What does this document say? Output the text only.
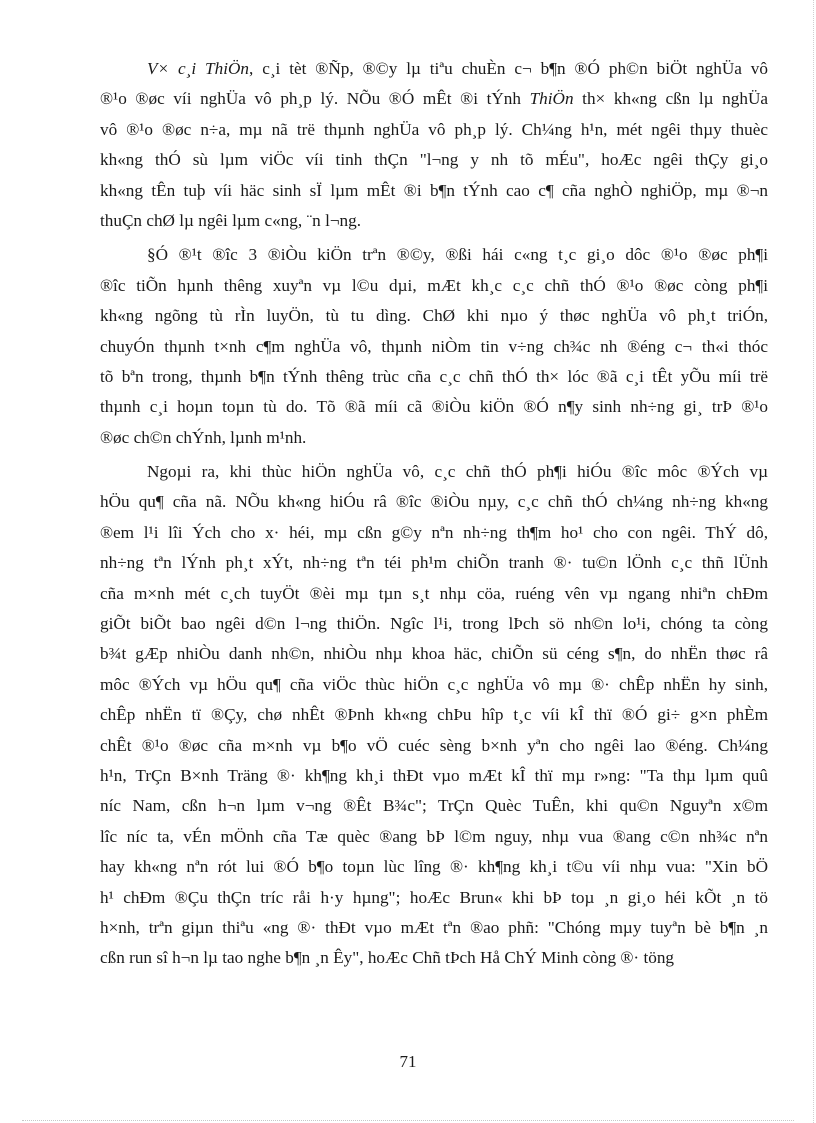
V× c¸i ThiÖn, c¸i tèt ®Ñp, ®©y lµ tiªu chuÈn c¬ b¶n ®Ó ph©n biÖt nghÜa vô
®¹o ®øc víi nghÜa vô ph¸p lý. NÕu ®Ó mÊt ®i tÝnh ThiÖn th× kh«ng cßn lµ nghÜa
vô ®¹o ®øc n÷a, mµ nã trë thµnh nghÜa vô ph¸p lý. Ch¼ng h¹n, mét ngêi thµy thuèc
kh«ng thÓ sù lµm viÖc víi tinh thÇn "l¬ng y nh tõ mÉu", hoÆc ngêi thÇy gi¸o
kh«ng tÊn tuþ víi häc sinh sÏ lµm mÊt ®i b¶n tÝnh cao c¶ cña nghÒ nghiÖp, mµ ®¬n
thuÇn chØ lµ ngêi lµm c«ng, ¨n l¬ng.
§Ó ®¹t ®îc 3 ®iÒu kiÖn trªn ®©y, ®ßi hái c«ng t¸c gi¸o dôc ®¹o ®øc ph¶i
®îc tiÕn hµnh thêng xuyªn vµ l©u dµi, mÆt kh¸c c¸c chñ thÓ ®¹o ®øc còng ph¶i
kh«ng ngõng tù rÌn luyÖn, tù tu dìng. ChØ khi nµo ý thøc nghÜa vô ph¸t triÓn,
chuyÓn thµnh t×nh c¶m nghÜa vô, thµnh niÒm tin v÷ng ch¾c nh ®éng c¬ th«i thóc
tõ bªn trong, thµnh b¶n tÝnh thêng trùc cña c¸c chñ thÓ th× lóc ®ã c¸i tÊt yÕu míi trë
thµnh c¸i hoµn toµn tù do. Tõ ®ã míi cã ®iÒu kiÖn ®Ó n¶y sinh nh÷ng gi¸ trÞ ®¹o
®øc ch©n chÝnh, lµnh m¹nh.
Ngoµi ra, khi thùc hiÖn nghÜa vô, c¸c chñ thÓ ph¶i hiÓu ®îc môc ®Ých vµ
hÖu qu¶ cña nã. NÕu kh«ng hiÓu râ ®îc ®iÒu nµy, c¸c chñ thÓ ch¼ng nh÷ng kh«ng
®em l¹i lîi Ých cho x· héi, mµ cßn g©y nªn nh÷ng th¶m ho¹ cho con ngêi. ThÝ dô,
nh÷ng tªn lÝnh ph¸t xÝt, nh÷ng tªn téi ph¹m chiÕn tranh ®· tu©n lÖnh c¸c thñ lÜnh
cña m×nh mét c¸ch tuyÖt ®èi mµ tµn s¸t nhµ cöa, ruéng vên vµ ngang nhiªn chÐm
giÕt biÕt bao ngêi d©n l¬ng thiÖn. Ngîc l¹i, trong lÞch sö nh©n lo¹i, chóng ta còng
b¾t gÆp nhiÒu danh nh©n, nhiÒu nhµ khoa häc, chiÕn sü céng s¶n, do nhËn thøc râ
môc ®Ých vµ hÖu qu¶ cña viÖc thùc hiÖn c¸c nghÜa vô mµ ®· chÊp nhËn hy sinh,
chÊp nhËn tï ®Çy, chø nhÊt ®Þnh kh«ng chÞu hîp t¸c víi kÎ thï ®Ó gi÷ g×n phÈm
chÊt ®¹o ®øc cña m×nh vµ b¶o vÖ cuéc sèng b×nh yªn cho ngêi lao ®éng. Ch¼ng
h¹n, TrÇn B×nh Träng ®· kh¶ng kh¸i thÐt vµo mÆt kÎ thï mµ r»ng: "Ta thµ lµm quû
níc Nam, cßn h¬n lµm v¬ng ®Êt B¾c"; TrÇn Quèc TuÊn, khi qu©n Nguyªn x©m
lîc níc ta, vÉn mÖnh cña Tæ quèc ®ang bÞ l©m nguy, nhµ vua ®ang c©n nh¾c nªn
hay kh«ng nªn rót lui ®Ó b¶o toµn lùc lîng ®· kh¶ng kh¸i t©u víi nhµ vua: "Xin bÖ
h¹ chÐm ®Çu thÇn tríc råi h·y hµng"; hoÆc Brun« khi bÞ toµ ¸n gi¸o héi kÕt ¸n tö
h×nh, trªn giµn thiªu «ng ®· thÐt vµo mÆt tªn ®ao phñ: "Chóng mµy tuyªn bè b¶n ¸n
cßn run sî h¬n lµ tao nghe b¶n ¸n Êy", hoÆc Chñ tÞch Hå ChÝ Minh còng ®· töng
71
